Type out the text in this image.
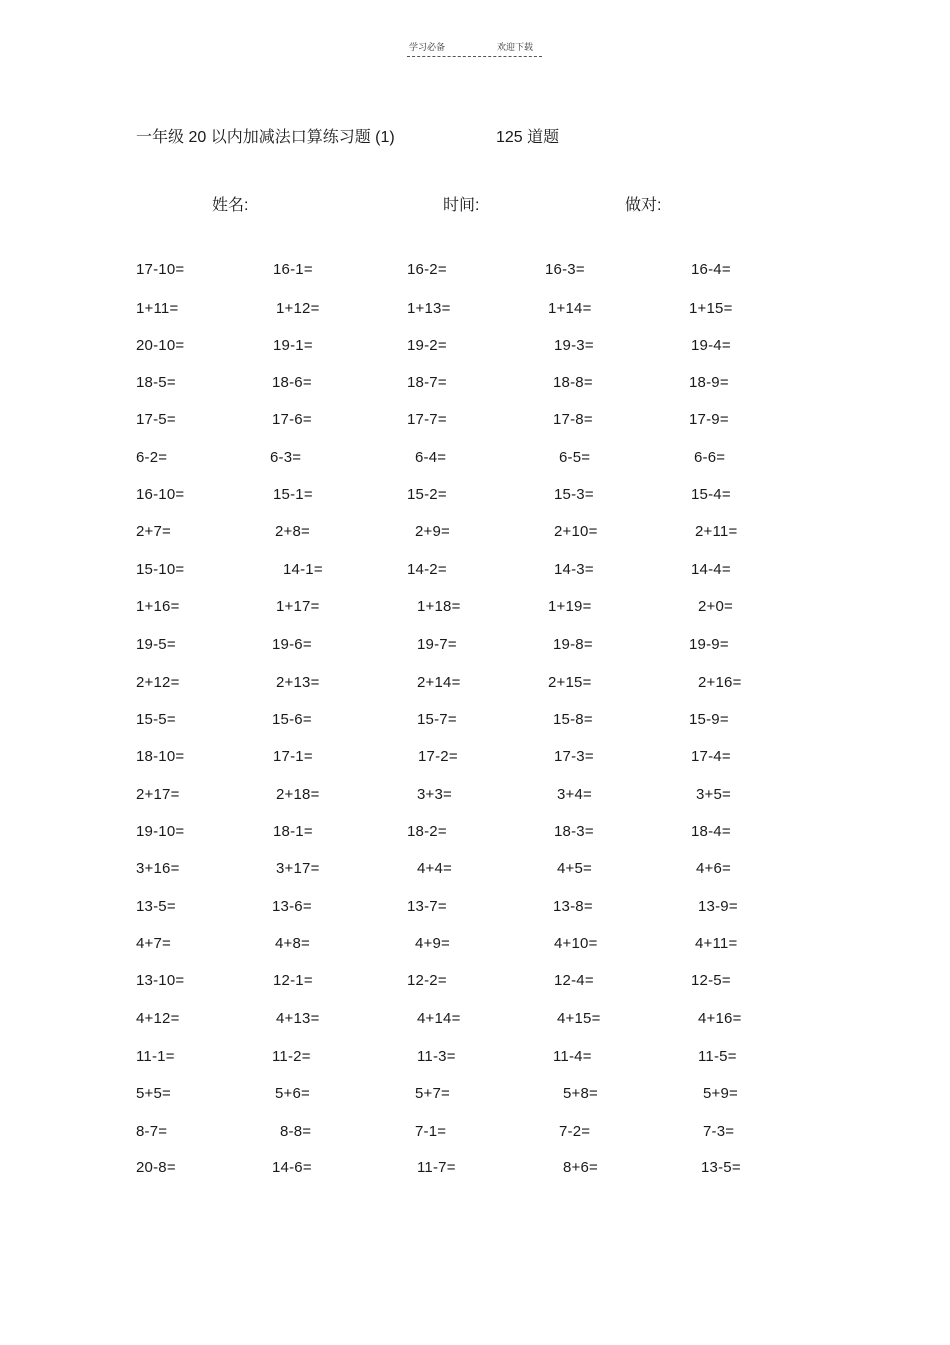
学习必备	欢迎下载
一年级 20 以内加减法口算练习题 (1)	125 道题
姓名:	时间:	做对:
17-10=	16-1=	16-2=	16-3=	16-4=
1+11=	1+12=	1+13=	1+14=	1+15=
20-10=	19-1=	19-2=	19-3=	19-4=
18-5=	18-6=	18-7=	18-8=	18-9=
17-5=	17-6=	17-7=	17-8=	17-9=
6-2=	6-3=	6-4=	6-5=	6-6=
16-10=	15-1=	15-2=	15-3=	15-4=
2+7=	2+8=	2+9=	2+10=	2+11=
15-10=	14-1=	14-2=	14-3=	14-4=
1+16=	1+17=	1+18=	1+19=	2+0=
19-5=	19-6=	19-7=	19-8=	19-9=
2+12=	2+13=	2+14=	2+15=	2+16=
15-5=	15-6=	15-7=	15-8=	15-9=
18-10=	17-1=	17-2=	17-3=	17-4=
2+17=	2+18=	3+3=	3+4=	3+5=
19-10=	18-1=	18-2=	18-3=	18-4=
3+16=	3+17=	4+4=	4+5=	4+6=
13-5=	13-6=	13-7=	13-8=	13-9=
4+7=	4+8=	4+9=	4+10=	4+11=
13-10=	12-1=	12-2=	12-4=	12-5=
4+12=	4+13=	4+14=	4+15=	4+16=
11-1=	11-2=	11-3=	11-4=	11-5=
5+5=	5+6=	5+7=	5+8=	5+9=
8-7=	8-8=	7-1=	7-2=	7-3=
20-8=	14-6=	11-7=	8+6=	13-5=
